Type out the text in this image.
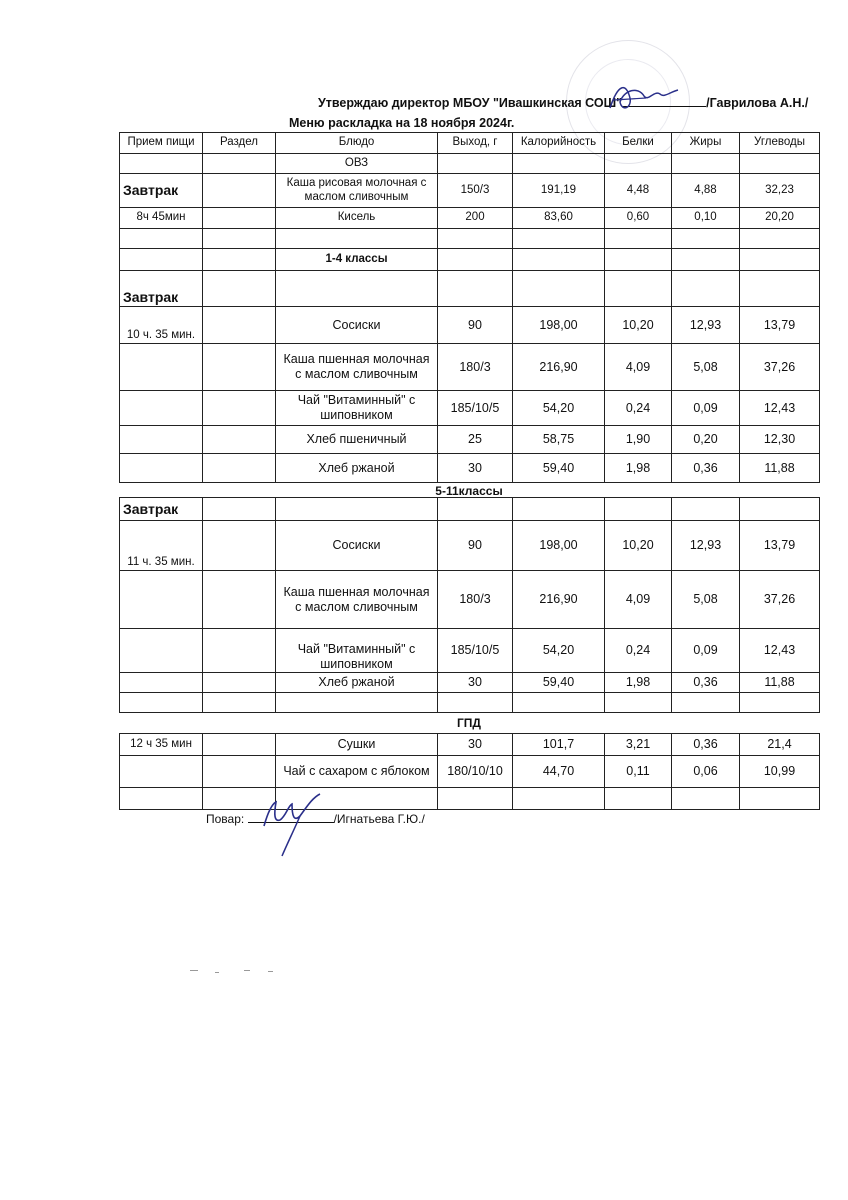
Утверждаю директор МБОУ "Ивашкинская СОШ"	/Гаврилова А.Н./
Меню раскладка на 18 ноября 2024г.
Прием пищи	Раздел	Блюдо	Выход, г	Калорийность	Белки	Жиры	Углеводы
		ОВЗ					
Завтрак		Каша рисовая молочная с маслом сливочным	150/3	191,19	4,48	4,88	32,23
8ч 45мин		Кисель	200	83,60	0,60	0,10	20,20

		1-4 классы					
Завтрак							
10 ч. 35 мин.		Сосиски	90	198,00	10,20	12,93	13,79
		Каша пшенная молочная с маслом сливочным	180/3	216,90	4,09	5,08	37,26
		Чай "Витаминный" с шиповником	185/10/5	54,20	0,24	0,09	12,43
		Хлеб пшеничный	25	58,75	1,90	0,20	12,30
		Хлеб ржаной	30	59,40	1,98	0,36	11,88
5-11классы
Завтрак							
11 ч. 35 мин.		Сосиски	90	198,00	10,20	12,93	13,79
		Каша пшенная молочная с маслом сливочным	180/3	216,90	4,09	5,08	37,26
		Чай "Витаминный" с шиповником	185/10/5	54,20	0,24	0,09	12,43
		Хлеб ржаной	30	59,40	1,98	0,36	11,88

ГПД
12 ч 35 мин		Сушки	30	101,7	3,21	0,36	21,4
		Чай с сахаром с яблоком	180/10/10	44,70	0,11	0,06	10,99

Повар:	/Игнатьева Г.Ю./
